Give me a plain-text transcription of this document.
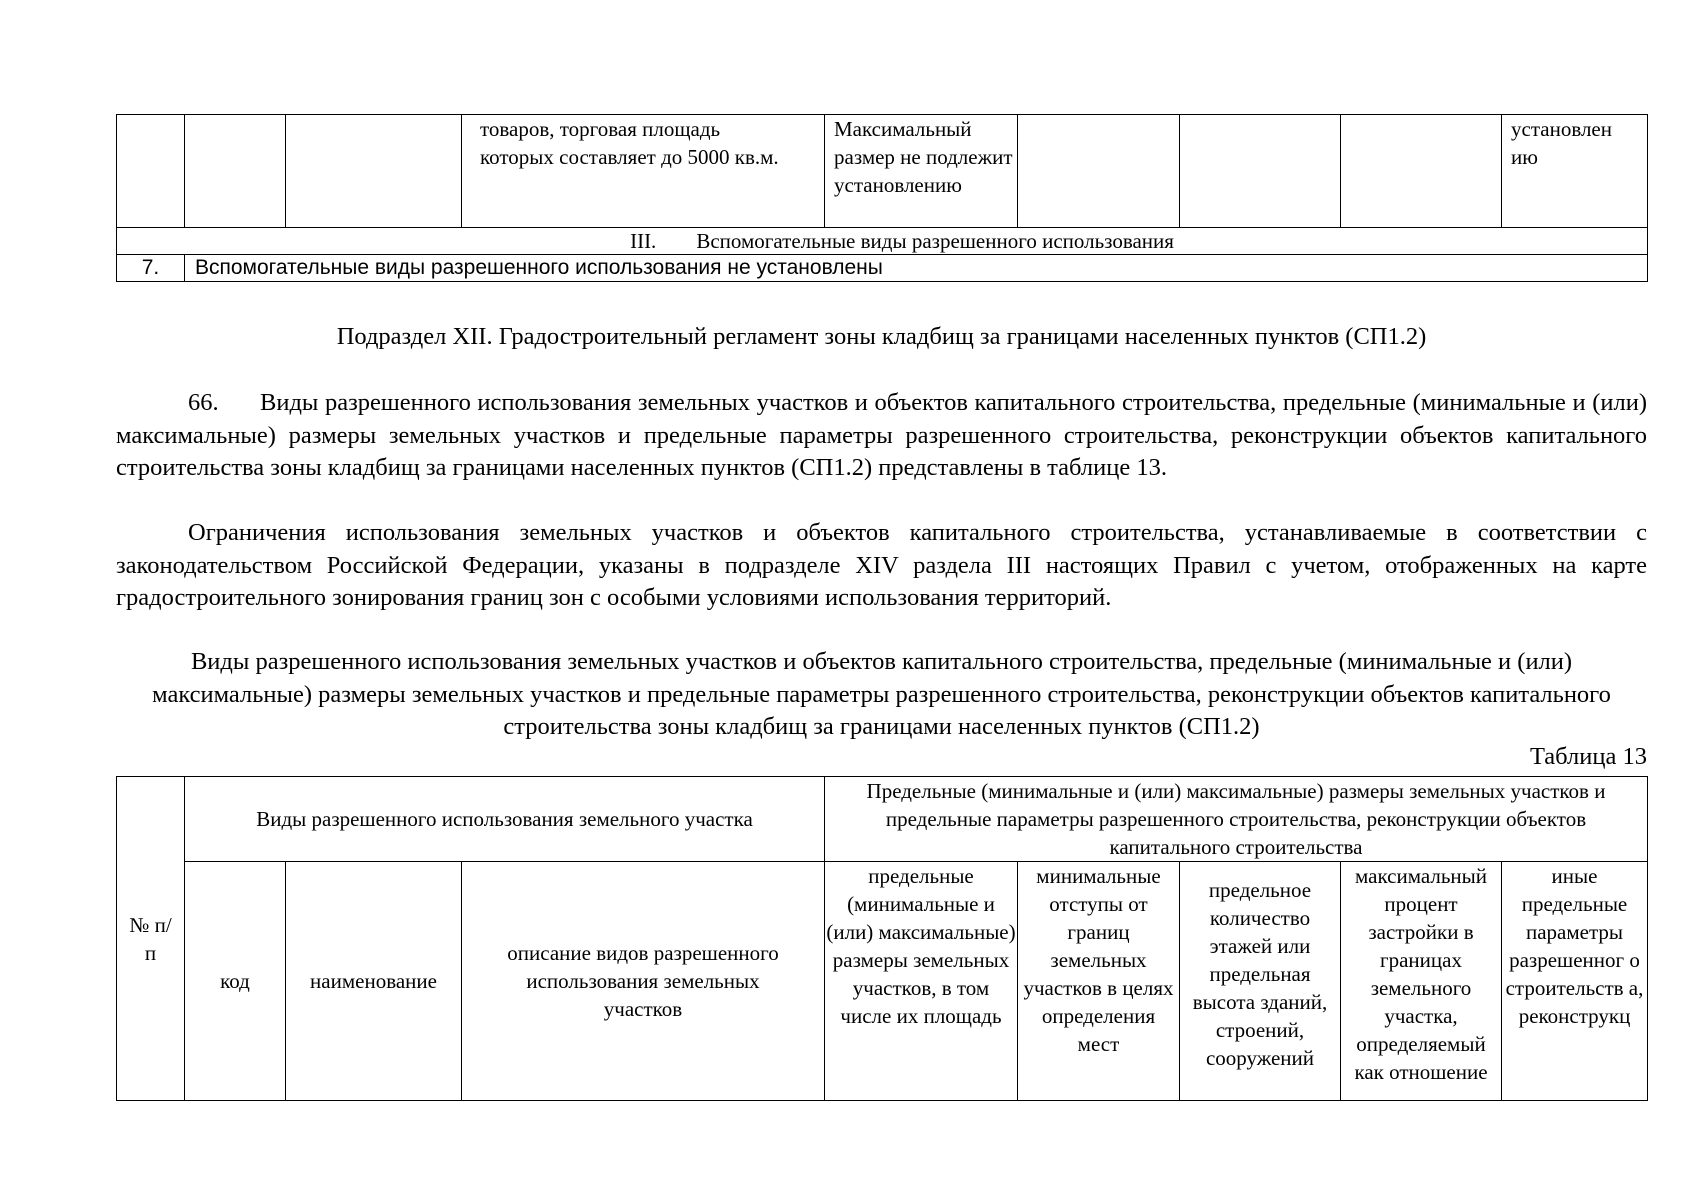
			товаров, торговая площадь которых составляет до 5000 кв.м.	Максимальный размер не подлежит установлению				установлен ию
III. Вспомогательные виды разрешенного использования								
7.	Вспомогательные виды разрешенного использования не установлены							
Подраздел XII. Градостроительный регламент зоны кладбищ за границами населенных пунктов (СП1.2)
66. Виды разрешенного использования земельных участков и объектов капитального строительства, предельные (минимальные и (или) максимальные) размеры земельных участков и предельные параметры разрешенного строительства, реконструкции объектов капитального строительства зоны кладбищ за границами населенных пунктов (СП1.2) представлены в таблице 13.
Ограничения использования земельных участков и объектов капитального строительства, устанавливаемые в соответствии с законодательством Российской Федерации, указаны в подразделе XIV раздела III настоящих Правил с учетом, отображенных на карте градостроительного зонирования границ зон с особыми условиями использования территорий.
Виды разрешенного использования земельных участков и объектов капитального строительства, предельные (минимальные и (или) максимальные) размеры земельных участков и предельные параметры разрешенного строительства, реконструкции объектов капитального строительства зоны кладбищ за границами населенных пунктов (СП1.2)
Таблица 13
№ п/п	Виды разрешенного использования земельного участка			Предельные (минимальные и (или) максимальные) размеры земельных участков и предельные параметры разрешенного строительства, реконструкции объектов капитального строительства				
	код	наименование	описание видов разрешенного использования земельных участков	предельные (минимальные и (или) максимальные) размеры земельных участков, в том числе их площадь	минимальные отступы от границ земельных участков в целях определения мест	предельное количество этажей или предельная высота зданий, строений, сооружений	максимальный процент застройки в границах земельного участка, определяемый как отношение	иные предельные параметры разрешенног о строительств а, реконструкц
